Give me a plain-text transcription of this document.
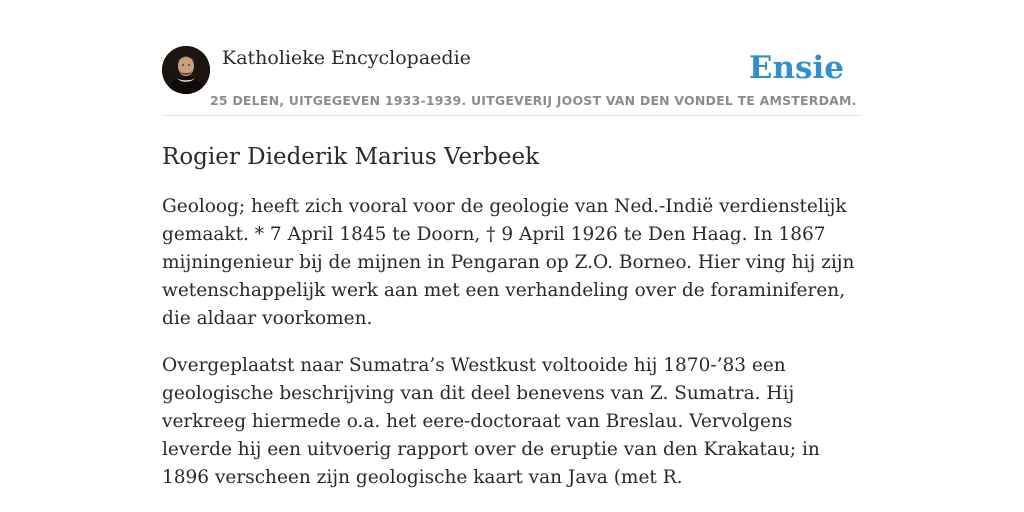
Katholieke Encyclopaedie
25 DELEN, UITGEGEVEN 1933-1939. UITGEVERIJ JOOST VAN DEN VONDEL TE AMSTERDAM.
Ensie
Rogier Diederik Marius Verbeek

Geoloog; heeft zich vooral voor de geologie van Ned.-Indië verdienstelijk gemaakt. * 7 April 1845 te Doorn, † 9 April 1926 te Den Haag. In 1867 mijningenieur bij de mijnen in Pengaran op Z.O. Borneo. Hier ving hij zijn wetenschappelijk werk aan met een verhandeling over de foraminiferen, die aldaar voorkomen.

Overgeplaatst naar Sumatra’s Westkust voltooide hij 1870-’83 een geologische beschrijving van dit deel benevens van Z. Sumatra. Hij verkreeg hiermede o.a. het eere-doctoraat van Breslau. Vervolgens leverde hij een uitvoerig rapport over de eruptie van den Krakatau; in 1896 verscheen zijn geologische kaart van Java (met R.
